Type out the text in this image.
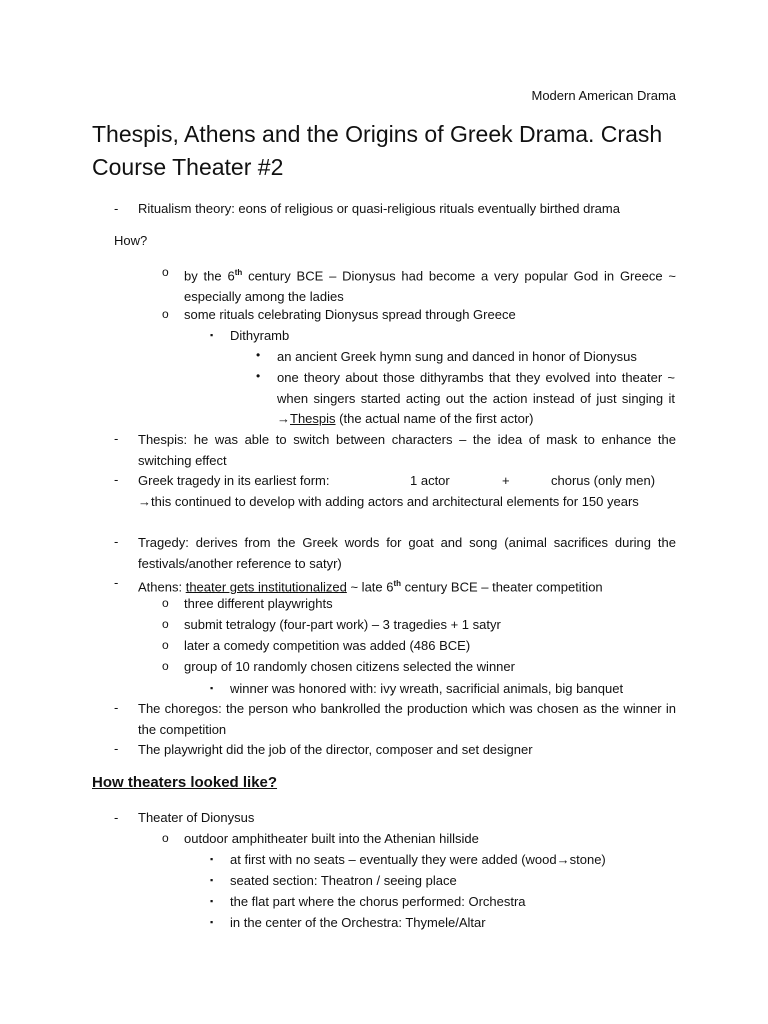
Modern American Drama
Thespis, Athens and the Origins of Greek Drama. Crash Course Theater #2
- Ritualism theory: eons of religious or quasi-religious rituals eventually birthed drama
How?
o by the 6th century BCE – Dionysus had become a very popular God in Greece ~ especially among the ladies
o some rituals celebrating Dionysus spread through Greece
▪ Dithyramb
• an ancient Greek hymn sung and danced in honor of Dionysus
• one theory about those dithyrambs that they evolved into theater ~ when singers started acting out the action instead of just singing it →Thespis (the actual name of the first actor)
- Thespis: he was able to switch between characters – the idea of mask to enhance the switching effect
- Greek tragedy in its earliest form:	1 actor	+	chorus (only men)
→this continued to develop with adding actors and architectural elements for 150 years
- Tragedy: derives from the Greek words for goat and song (animal sacrifices during the festivals/another reference to satyr)
- Athens: theater gets institutionalized ~ late 6th century BCE – theater competition
o three different playwrights
o submit tetralogy (four-part work) – 3 tragedies + 1 satyr
o later a comedy competition was added (486 BCE)
o group of 10 randomly chosen citizens selected the winner
▪ winner was honored with: ivy wreath, sacrificial animals, big banquet
- The choregos: the person who bankrolled the production which was chosen as the winner in the competition
- The playwright did the job of the director, composer and set designer
How theaters looked like?
- Theater of Dionysus
o outdoor amphitheater built into the Athenian hillside
▪ at first with no seats – eventually they were added (wood→stone)
▪ seated section: Theatron / seeing place
▪ the flat part where the chorus performed: Orchestra
▪ in the center of the Orchestra: Thymele/Altar
